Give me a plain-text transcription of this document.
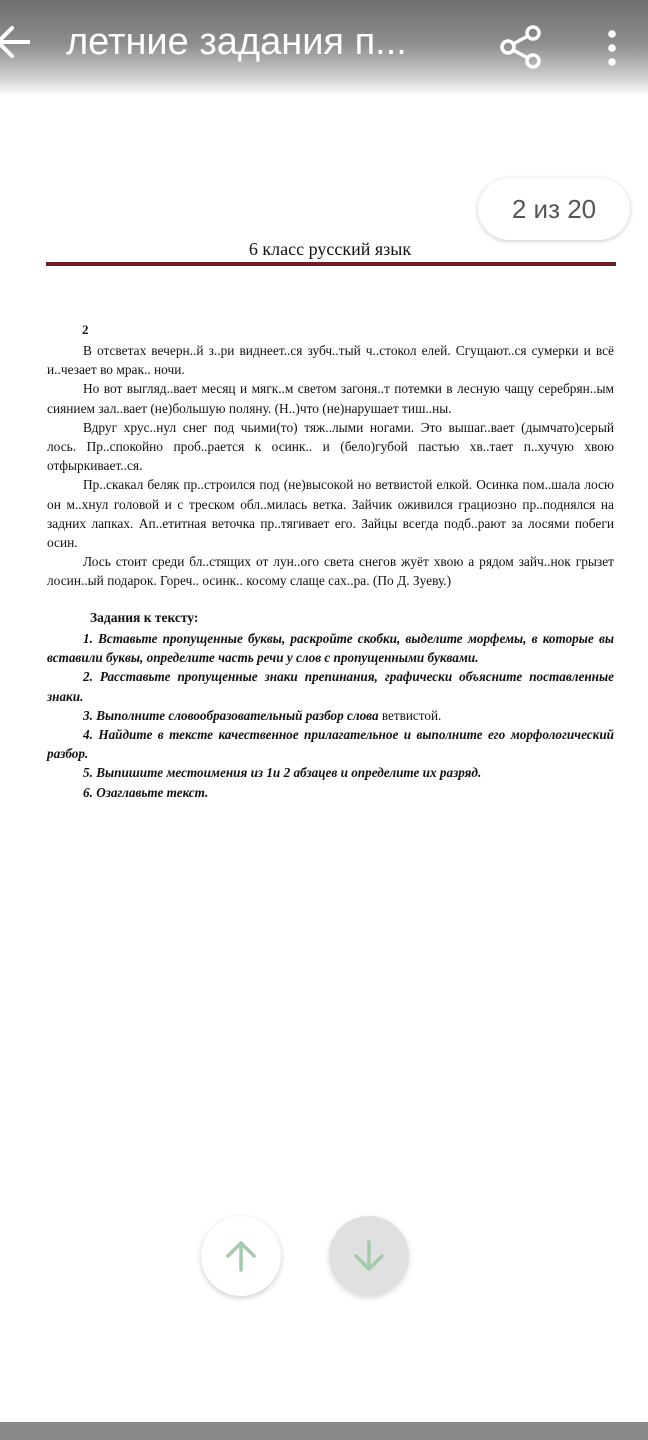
летние задания п...
6 класс русский язык
2

В отсветах вечерн..й з..ри виднеет..ся зубч..тый ч..стокол елей. Сгущают..ся сумерки и всё и..чезает во мрак.. ночи.

Но вот выгляд..вает месяц и мягк..м светом загоня..т потемки в лесную чащу серебрян..ым сиянием зал..вает (не)большую поляну. (Н..)что (не)нарушает тиш..ны.

Вдруг хрус..нул снег под чьими(то) тяж..лыми ногами. Это вышаг..вает (дымчато)серый лось. Пр..спокойно проб..рается к осинк.. и (бело)губой пастью хв..тает п..хучую хвою отфыркивает..ся.

Пр..скакал беляк пр..строился под (не)высокой но ветвистой елкой. Осинка пом..шала лосю он м..хнул головой и с треском обл..милась ветка. Зайчик оживился грациозно пр..поднялся на задних лапках. Ап..етитная веточка пр..тягивает его. Зайцы всегда подб..рают за лосями побеги осин.

Лось стоит среди бл..стящих от лун..ого света снегов жуёт хвою а рядом зайч..нок грызет лосин..ый подарок. Гореч.. осинк.. косому слаще сах..ра. (По Д. Зуеву.)

Задания к тексту:

1. Вставьте пропущенные буквы, раскройте скобки, выделите морфемы, в которые вы вставили буквы, определите часть речи у слов с пропущенными буквами.

2. Расставьте пропущенные знаки препинания, графически объясните поставленные знаки.

3. Выполните словообразовательный разбор слова ветвистой.

4. Найдите в тексте качественное прилагательное и выполните его морфологический разбор.

5. Выпишите местоимения из 1и 2 абзацев и определите их разряд.

6. Озаглавьте текст.

2 из 20
